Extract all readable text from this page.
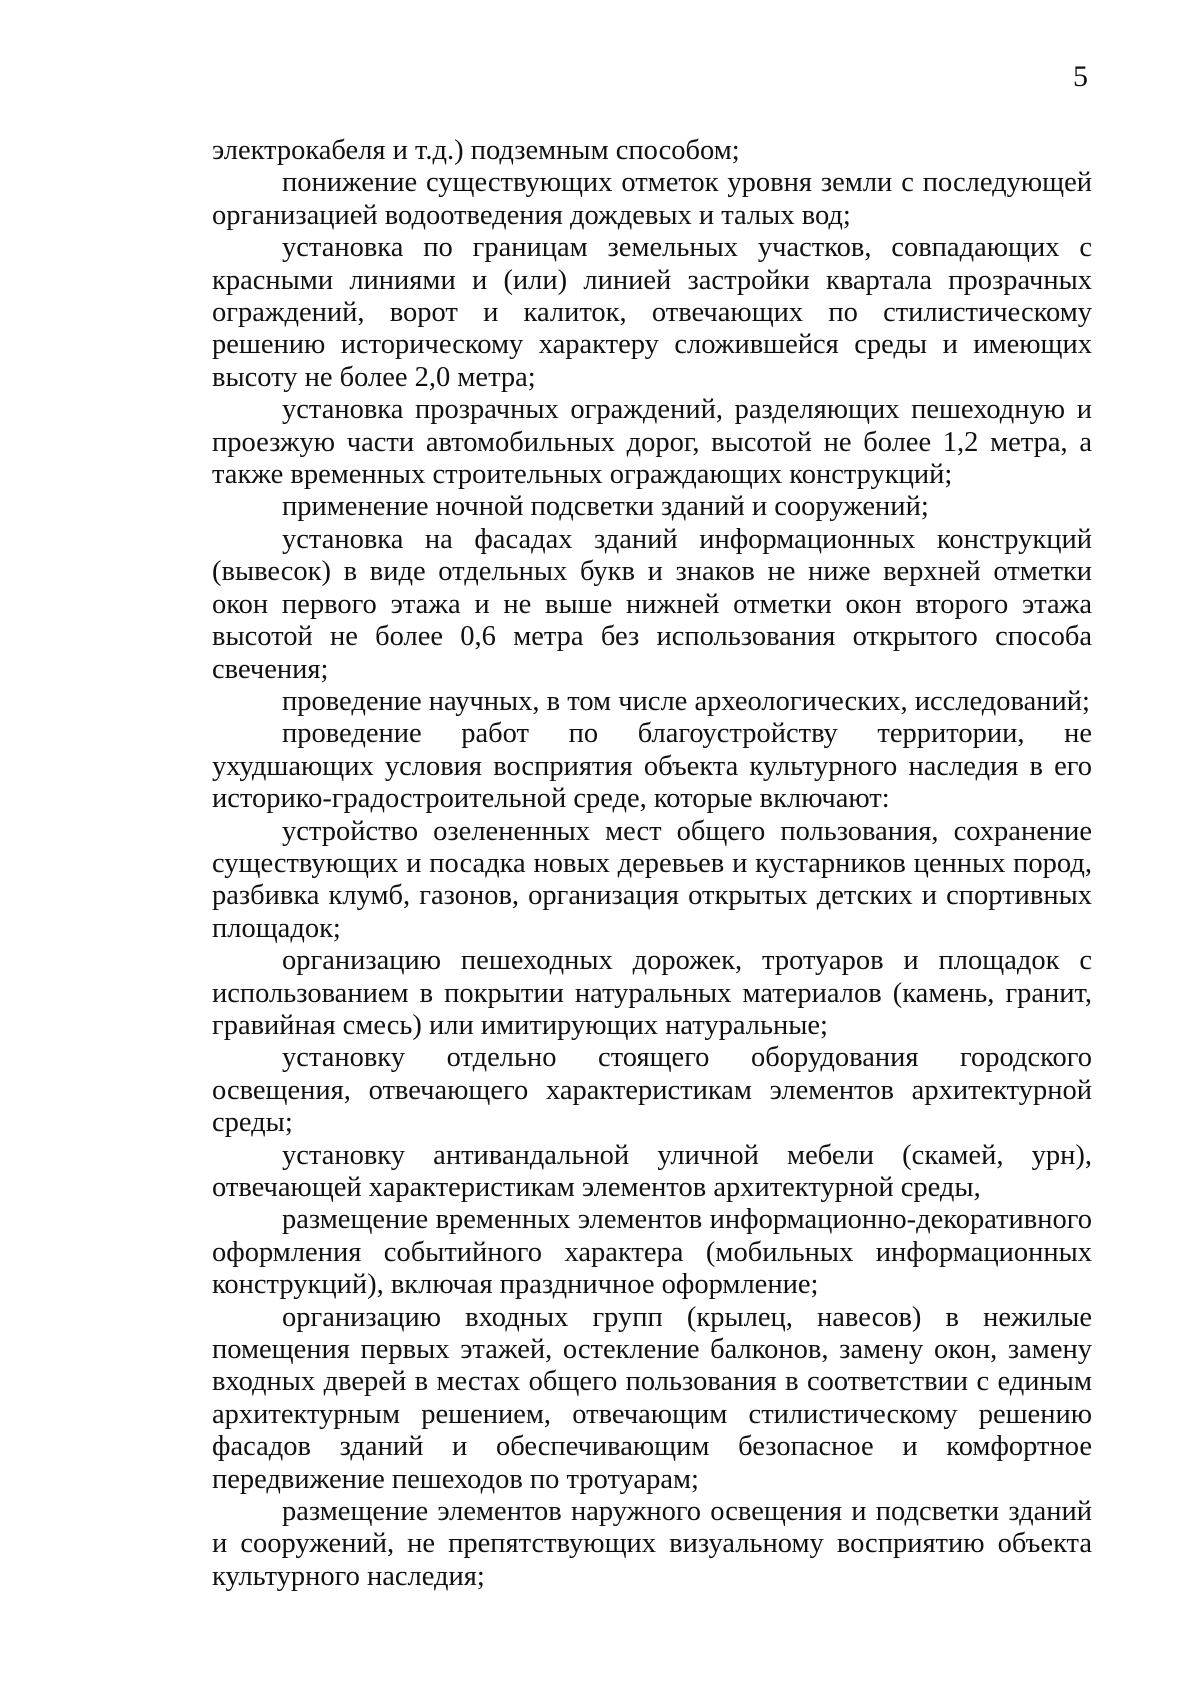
5

электрокабеля и т.д.) подземным способом;

понижение существующих отметок уровня земли с последующей организацией водоотведения дождевых и талых вод;

установка по границам земельных участков, совпадающих с красными линиями и (или) линией застройки квартала прозрачных ограждений, ворот и калиток, отвечающих по стилистическому решению историческому характеру сложившейся среды и имеющих высоту не более 2,0 метра;

установка прозрачных ограждений, разделяющих пешеходную и проезжую части автомобильных дорог, высотой не более 1,2 метра, а также временных строительных ограждающих конструкций;

применение ночной подсветки зданий и сооружений;

установка на фасадах зданий информационных конструкций (вывесок) в виде отдельных букв и знаков не ниже верхней отметки окон первого этажа и не выше нижней отметки окон второго этажа высотой не более 0,6 метра без использования открытого способа свечения;

проведение научных, в том числе археологических, исследований;

проведение работ по благоустройству территории, не ухудшающих условия восприятия объекта культурного наследия в его историко-градостроительной среде, которые включают:

устройство озелененных мест общего пользования, сохранение существующих и посадка новых деревьев и кустарников ценных пород, разбивка клумб, газонов, организация открытых детских и спортивных площадок;

организацию пешеходных дорожек, тротуаров и площадок с использованием в покрытии натуральных материалов (камень, гранит, гравийная смесь) или имитирующих натуральные;

установку отдельно стоящего оборудования городского освещения, отвечающего характеристикам элементов архитектурной среды;

установку антивандальной уличной мебели (скамей, урн), отвечающей характеристикам элементов архитектурной среды,

размещение временных элементов информационно-декоративного оформления событийного характера (мобильных информационных конструкций), включая праздничное оформление;

организацию входных групп (крылец, навесов) в нежилые помещения первых этажей, остекление балконов, замену окон, замену входных дверей в местах общего пользования в соответствии с единым архитектурным решением, отвечающим стилистическому решению фасадов зданий и обеспечивающим безопасное и комфортное передвижение пешеходов по тротуарам;

размещение элементов наружного освещения и подсветки зданий и сооружений, не препятствующих визуальному восприятию объекта культурного наследия;
